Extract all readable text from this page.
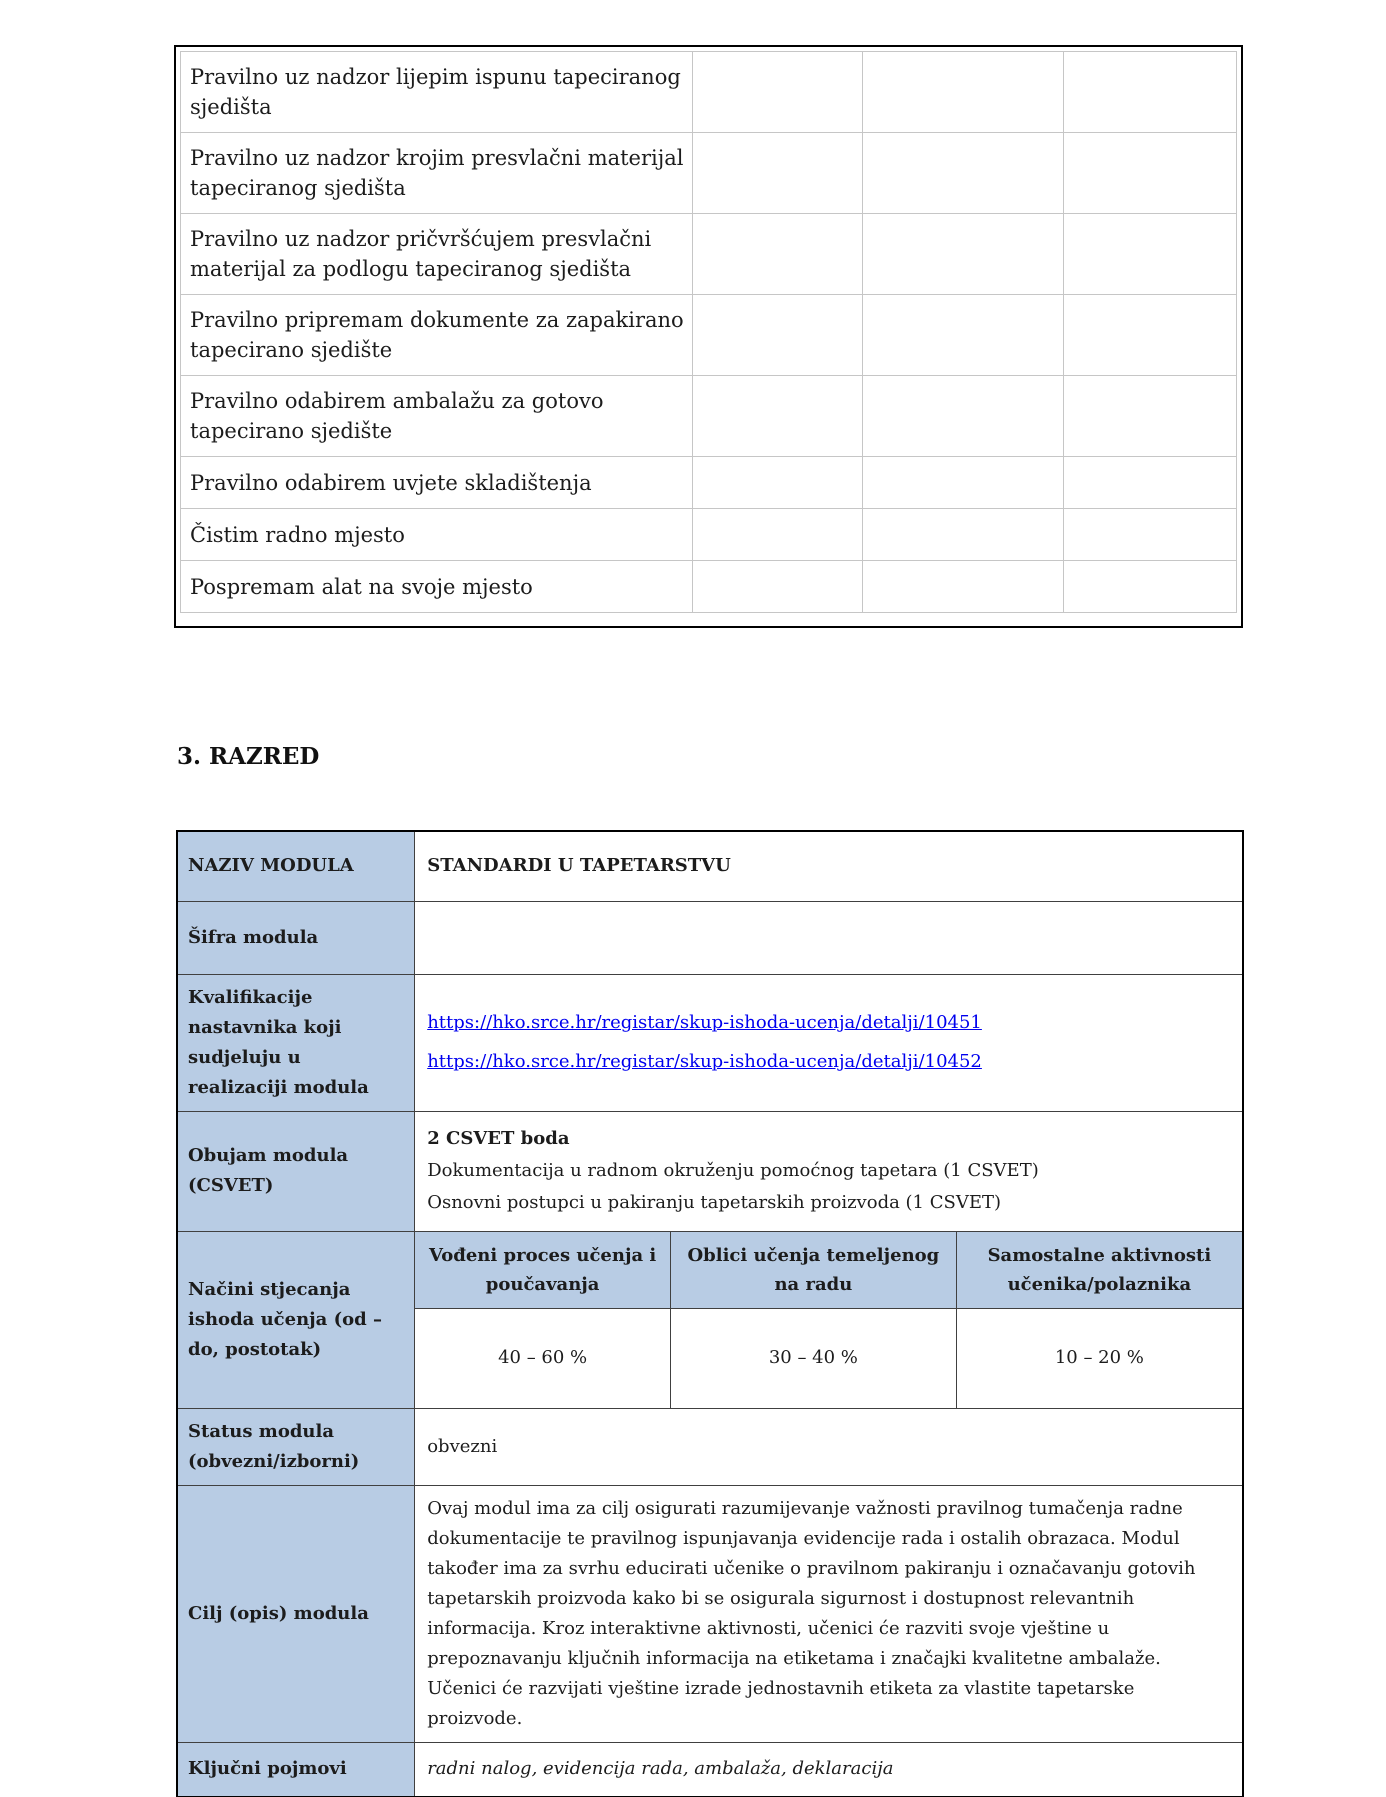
Pravilno uz nadzor lijepim ispunu tapeciranog sjedišta			
Pravilno uz nadzor krojim presvlačni materijal tapeciranog sjedišta			
Pravilno uz nadzor pričvršćujem presvlačni materijal za podlogu tapeciranog sjedišta			
Pravilno pripremam dokumente za zapakirano tapecirano sjedište			
Pravilno odabirem ambalažu za gotovo tapecirano sjedište			
Pravilno odabirem uvjete skladištenja			
Čistim radno mjesto			
Pospremam alat na svoje mjesto			
3. RAZRED
NAZIV MODULA	STANDARDI U TAPETARSTVU		
Šifra modula			
Kvalifikacije nastavnika koji sudjeluju u realizaciji modula	https://hko.srce.hr/registar/skup-ishoda-ucenja/detalji/10451
https://hko.srce.hr/registar/skup-ishoda-ucenja/detalji/10452		

Obujam modula (CSVET)	2 CSVET boda
Dokumentacija u radnom okruženju pomoćnog tapetara (1 CSVET)
Osnovni postupci u pakiranju tapetarskih proizvoda (1 CSVET)		

Načini stjecanja ishoda učenja (od – do, postotak)	Vođeni proces učenja i poučavanja	Oblici učenja temeljenog na radu	Samostalne aktivnosti učenika/polaznika
	40 – 60 %	30 – 40 %	10 – 20 %
Status modula (obvezni/izborni)	obvezni		
Cilj (opis) modula	Ovaj modul ima za cilj osigurati razumijevanje važnosti pravilnog tumačenja radne dokumentacije te pravilnog ispunjavanja evidencije rada i ostalih obrazaca. Modul također ima za svrhu educirati učenike o pravilnom pakiranju i označavanju gotovih tapetarskih proizvoda kako bi se osigurala sigurnost i dostupnost relevantnih informacija. Kroz interaktivne aktivnosti, učenici će razviti svoje vještine u prepoznavanju ključnih informacija na etiketama i značajki kvalitetne ambalaže. Učenici će razvijati vještine izrade jednostavnih etiketa za vlastite tapetarske proizvode.		
Ključni pojmovi	radni nalog, evidencija rada, ambalaža, deklaracija		
